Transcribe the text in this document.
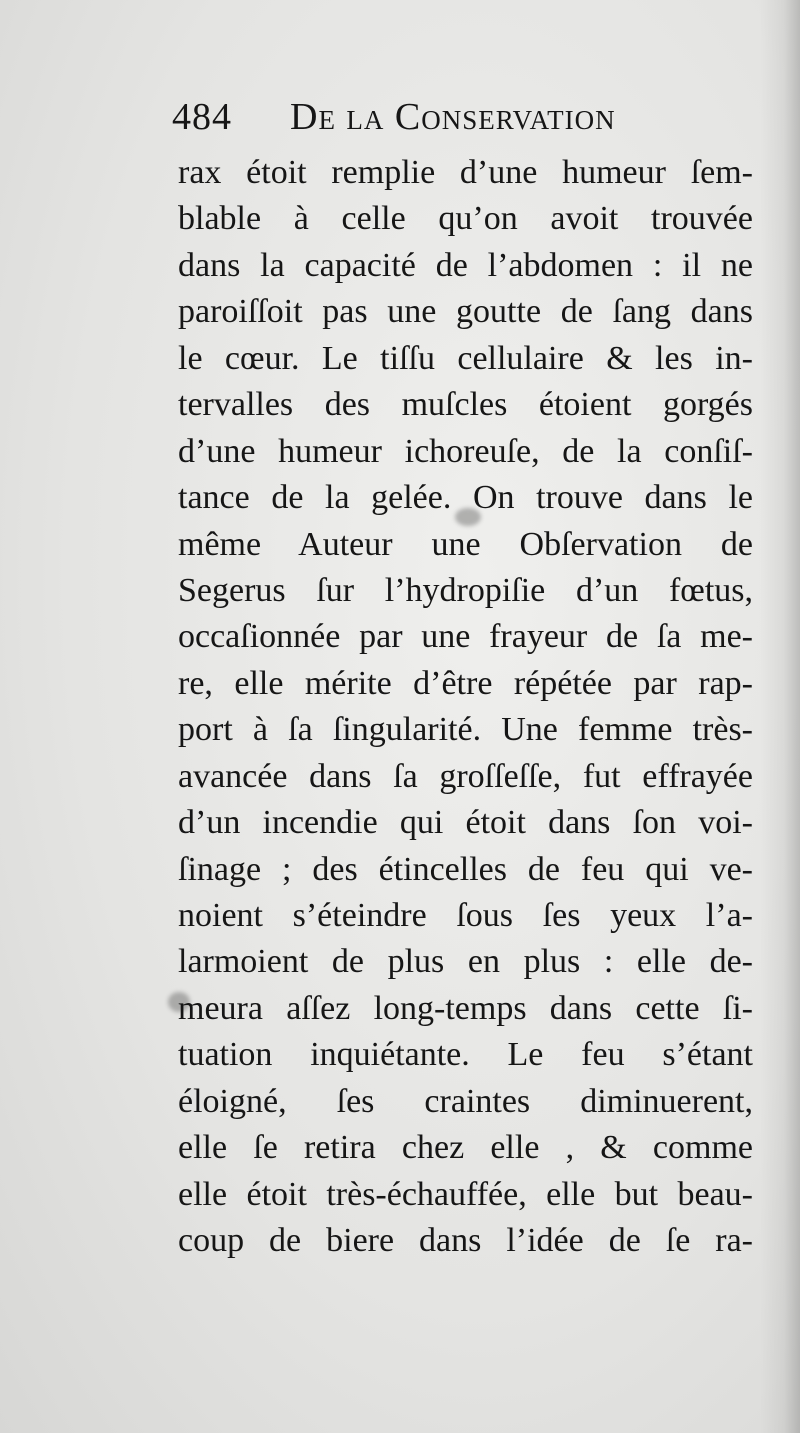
484 De la Conservation
rax étoit remplie d’une humeur ſem-
blable à celle qu’on avoit trouvée
dans la capacité de l’abdomen : il ne
paroiſſoit pas une goutte de ſang dans
le cœur. Le tiſſu cellulaire & les in-
tervalles des muſcles étoient gorgés
d’une humeur ichoreuſe, de la conſiſ-
tance de la gelée. On trouve dans le
même Auteur une Obſervation de
Segerus ſur l’hydropiſie d’un fœtus,
occaſionnée par une frayeur de ſa me-
re, elle mérite d’être répétée par rap-
port à ſa ſingularité. Une femme très-
avancée dans ſa groſſeſſe, fut effrayée
d’un incendie qui étoit dans ſon voi-
ſinage ; des étincelles de feu qui ve-
noient s’éteindre ſous ſes yeux l’a-
larmoient de plus en plus : elle de-
meura aſſez long-temps dans cette ſi-
tuation inquiétante. Le feu s’étant
éloigné, ſes craintes diminuerent,
elle ſe retira chez elle , & comme
elle étoit très-échauffée, elle but beau-
coup de biere dans l’idée de ſe ra-
